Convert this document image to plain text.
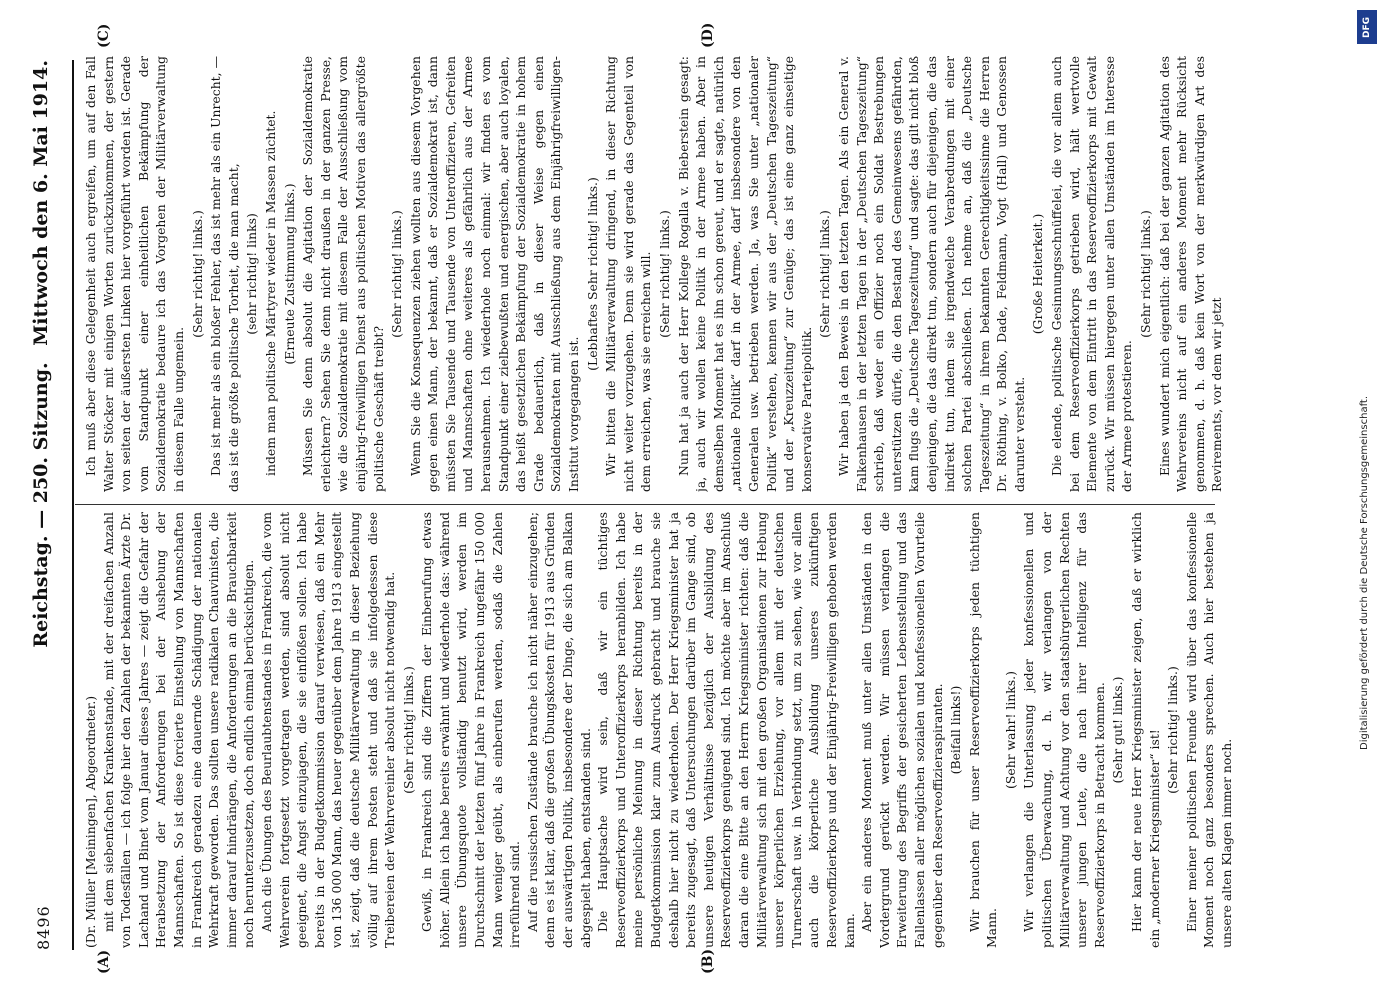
8496
Reichstag. — 250. Sitzung.
Mittwoch den 6. Mai 1914.
(A)	(B)
(C)	(D)

(Dr. Müller [Meiningen], Abgeordneter.) mit dem siebenfachen Krankenstande, mit der dreifachen Anzahl von Todesfällen — ich folge hier den Zahlen der bekannten Ärzte Dr. Lachand und Binet vom Januar dieses Jahres — zeigt die Gefahr der Herabsetzung der Anforderungen bei der Aushebung der Mannschaften. So ist diese forcierte Einstellung von Mannschaften in Frankreich geradezu eine dauernde Schädigung der nationalen Wehrkraft geworden. Das sollten unsere radikalen Chauvinisten, die immer darauf hindrängen, die Anforderungen an die Brauchbarkeit noch herunterzusetzen, doch endlich einmal berücksichtigen. Auch die Übungen des Beurlaubtenstandes in Frankreich, die vom Wehrverein fortgesetzt vorgetragen werden, sind absolut nicht geeignet, die Angst einzujagen, die sie einflößen sollen. Ich habe bereits in der Budgetkommission darauf verwiesen, daß ein Mehr von 136 000 Mann, das heuer gegenüber dem Jahre 1913 eingestellt ist, zeigt, daß die deutsche Militärverwaltung in dieser Beziehung völlig auf ihrem Posten steht und daß sie infolgedessen diese Treibereien der Wehrvereinler absolut nicht notwendig hat. (Sehr richtig! links.) Gewiß, in Frankreich sind die Ziffern der Einberufung etwas höher. Allein ich habe bereits erwähnt und wiederhole das: während unsere Übungsquote vollständig benutzt wird, werden im Durchschnitt der letzten fünf Jahre in Frankreich ungefähr 150 000 Mann weniger geübt, als einberufen werden, sodaß die Zahlen irreführend sind. Auf die russischen Zustände brauche ich nicht näher einzugehen; denn es ist klar, daß die großen Übungskosten für 1913 aus Gründen der auswärtigen Politik, insbesondere der Dinge, die sich am Balkan abgespielt haben, entstanden sind. Die Hauptsache wird sein, daß wir ein tüchtiges Reserveoffizierkorps und Unteroffizierkorps heranbilden. Ich habe meine persönliche Meinung in dieser Richtung bereits in der Budgetkommission klar zum Ausdruck gebracht und brauche sie deshalb hier nicht zu wiederholen. Der Herr Kriegsminister hat ja bereits zugesagt, daß Untersuchungen darüber im Gange sind, ob unsere heutigen Verhältnisse bezüglich der Ausbildung des Reserveoffizierkorps genügend sind. Ich möchte aber im Anschluß daran die eine Bitte an den Herrn Kriegsminister richten: daß die Militärverwaltung sich mit den großen Organisationen zur Hebung unserer körperlichen Erziehung, vor allem mit der deutschen Turnerschaft usw. in Verbindung setzt, um zu sehen, wie vor allem auch die körperliche Ausbildung unseres zukünftigen Reserveoffizierkorps und der Einjährig-Freiwilligen gehoben werden kann. Aber ein anderes Moment muß unter allen Umständen in den Vordergrund gerückt werden. Wir müssen verlangen die Erweiterung des Begriffs der gesicherten Lebensstellung und das Fallenlassen aller möglichen sozialen und konfessionellen Vorurteile gegenüber den Reserveoffizieraspiranten. (Beifall links!) Wir brauchen für unser Reserveoffizierkorps jeden tüchtigen Mann.

(Sehr wahr! links.) Wir verlangen die Unterlassung jeder konfessionellen und politischen Überwachung, d. h. wir verlangen von der Militärverwaltung und Achtung vor den staatsbürgerlichen Rechten unserer jungen Leute, die nach ihrer Intelligenz für das Reserveoffizierkorps in Betracht kommen. (Sehr gut! links.) Hier kann der neue Herr Kriegsminister zeigen, daß er wirklich ein „moderner Kriegsminister“ ist! (Sehr richtig! links.) Einer meiner politischen Freunde wird über das konfessionelle Moment noch ganz besonders sprechen. Auch hier bestehen ja unsere alten Klagen immer noch.

Ich muß aber diese Gelegenheit auch ergreifen, um auf den Fall Walter Stöcker mit einigen Worten zurückzukommen, der gestern von seiten der äußersten Linken hier vorgeführt worden ist. Gerade vom Standpunkt einer einheitlichen Bekämpfung der Sozialdemokratie bedaure ich das Vorgehen der Militärverwaltung in diesem Falle ungemein.

(Sehr richtig! links.) Das ist mehr als ein bloßer Fehler, das ist mehr als ein Unrecht, — das ist die größte politische Torheit, die man macht, (sehr richtig! links) indem man politische Märtyrer wieder in Massen züchtet. (Erneute Zustimmung links.) Müssen Sie denn absolut die Agitation der Sozialdemokratie erleichtern? Sehen Sie denn nicht draußen in der ganzen Presse, wie die Sozialdemokratie mit diesem Falle der Ausschließung vom einjährig-freiwilligen Dienst aus politischen Motiven das allergrößte politische Geschäft treibt?

(Sehr richtig! links.) Wenn Sie die Konsequenzen ziehen wollten aus diesem Vorgehen gegen einen Mann, der bekannt, daß er Sozialdemokrat ist, dann müssten Sie Tausende und Tausende von Unteroffizieren, Gefreiten und Mannschaften ohne weiteres als gefährlich aus der Armee herausnehmen. Ich wiederhole noch einmal: wir finden es vom Standpunkt einer zielbewußten und energischen, aber auch loyalen, das heißt gesetzlichen Bekämpfung der Sozialdemokratie in hohem Grade bedauerlich, daß in dieser Weise gegen einen Sozialdemokraten mit Ausschließung aus dem Einjährigfreiwilligen-Institut vorgegangen ist.

(Lebhaftes Sehr richtig! links.) Wir bitten die Militärverwaltung dringend, in dieser Richtung nicht weiter vorzugehen. Denn sie wird gerade das Gegenteil von dem erreichen, was sie erreichen will. (Sehr richtig! links.) Nun hat ja auch der Herr Kollege Rogalla v. Bieberstein gesagt: ja, auch wir wollen keine Politik in der Armee haben. Aber in demselben Moment hat es ihn schon gereut, und er sagte, natürlich „nationale Politik“ darf in der Armee, darf insbesondere von den Generalen usw. betrieben werden. Ja, was Sie unter „nationaler Politik“ verstehen, kennen wir aus der „Deutschen Tageszeitung“ und der „Kreuzzeitung“ zur Genüge; das ist eine ganz einseitige konservative Parteipolitik.

(Sehr richtig! links.) Wir haben ja den Beweis in den letzten Tagen. Als ein General v. Falkenhausen in der letzten Tagen in der „Deutschen Tageszeitung“ schrieb, daß weder ein Offizier noch ein Soldat Bestrebungen unterstützen dürfe, die den Bestand des Gemeinwesens gefährden, kam flugs die „Deutsche Tageszeitung“ und sagte: das gilt nicht bloß denjenigen, die das direkt tun, sondern auch für diejenigen, die das indirekt tun, indem sie irgendwelche Verabredungen mit einer solchen Partei abschließen. Ich nehme an, daß die „Deutsche Tageszeitung“ in ihrem bekannten Gerechtigkeitssinne die Herren Dr. Röthing, v. Bolko, Dade, Feldmann, Vogt (Hall) und Genossen darunter versteht.

(Große Heiterkeit.) Die elende, politische Gesinnungsschnüffelei, die vor allem auch bei dem Reserveoffizierkorps getrieben wird, hält wertvolle Elemente von dem Eintritt in das Reserveoffizierkorps mit Gewalt zurück. Wir müssen hiergegen unter allen Umständen im Interesse der Armee protestieren.

(Sehr richtig! links.) Eines wundert mich eigentlich: daß bei der ganzen Agitation des Wehrvereins nicht auf ein anderes Moment mehr Rücksicht genommen, d. h. daß kein Wort von der merkwürdigen Art des Revirements, vor dem wir jetzt

DFG
Digitalisierung gefördert durch die Deutsche Forschungsgemeinschaft.
